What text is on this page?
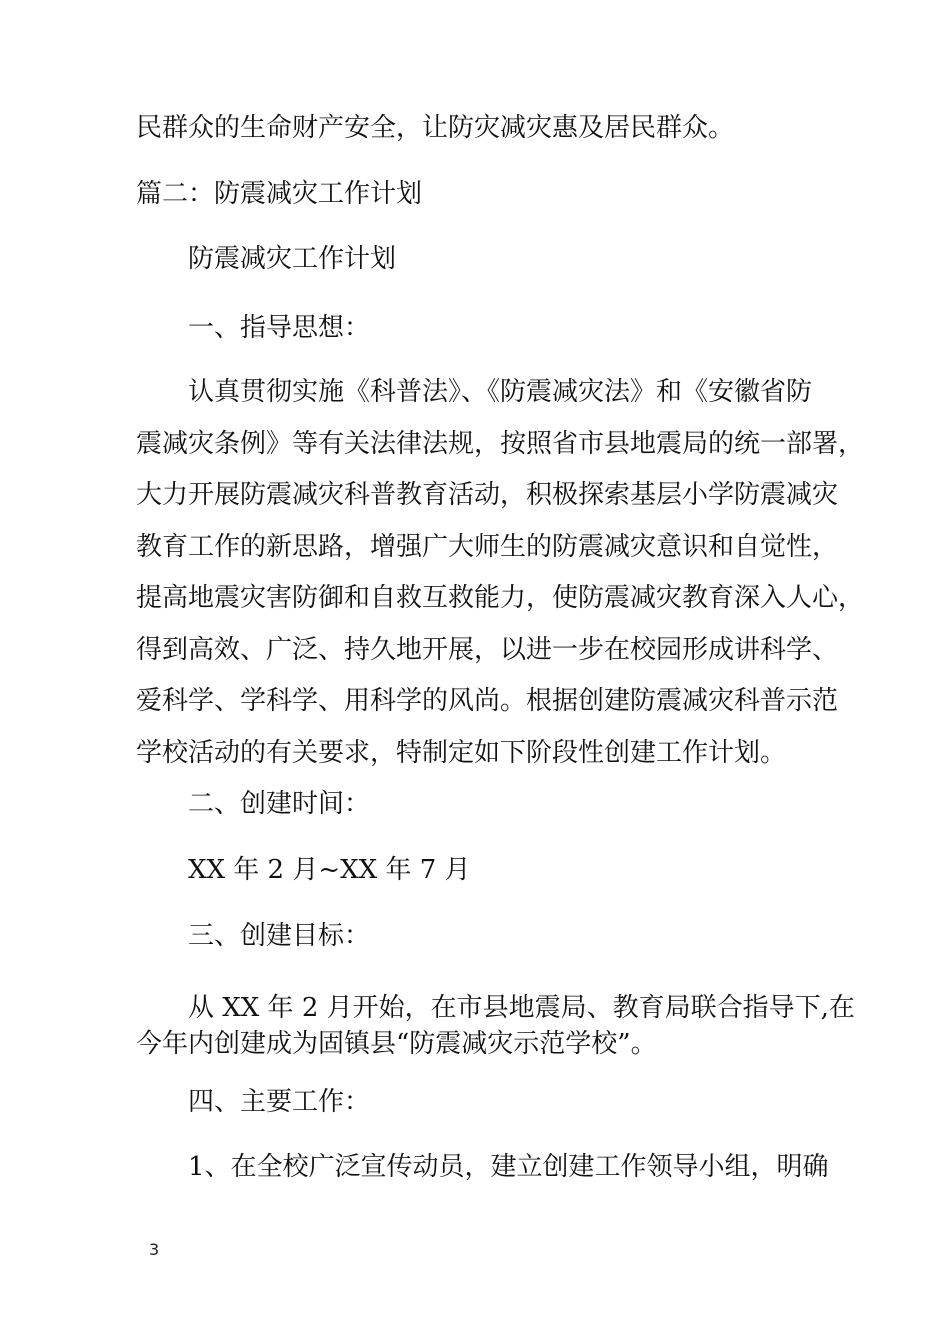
民群众的生命财产安全，让防灾减灾惠及居民群众。
篇二：防震减灾工作计划
防震减灾工作计划
一、指导思想：
认真贯彻实施《科普法》、《防震减灾法》和《安徽省防
震减灾条例》等有关法律法规，按照省市县地震局的统一部署，
大力开展防震减灾科普教育活动，积极探索基层小学防震减灾
教育工作的新思路，增强广大师生的防震减灾意识和自觉性，
提高地震灾害防御和自救互救能力，使防震减灾教育深入人心，
得到高效、广泛、持久地开展，以进一步在校园形成讲科学、
爱科学、学科学、用科学的风尚。根据创建防震减灾科普示范
学校活动的有关要求，特制定如下阶段性创建工作计划。
二、创建时间：
XX 年 2 月~XX 年 7 月
三、创建目标：
从 XX 年 2 月开始，在市县地震局、教育局联合指导下,在
今年内创建成为固镇县“防震减灾示范学校”。
四、主要工作：
1、在全校广泛宣传动员，建立创建工作领导小组，明确
3
